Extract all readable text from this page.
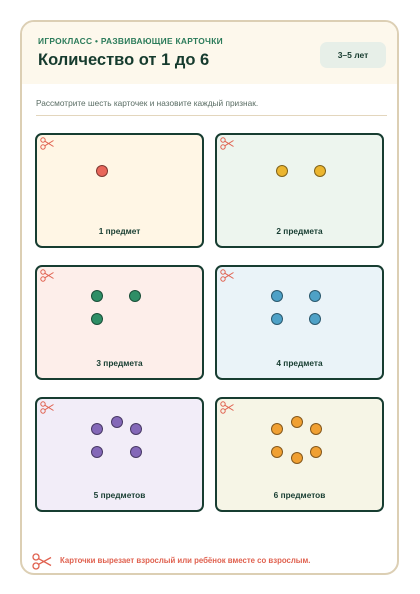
ИГРОКЛАСС • РАЗВИВАЮЩИЕ КАРТОЧКИ
Количество от 1 до 6	3–5 лет
Рассмотрите шесть карточек и назовите каждый признак.
1 предмет	2 предмета
3 предмета	4 предмета
5 предметов	6 предметов
Карточки вырезает взрослый или ребёнок вместе со взрослым.
